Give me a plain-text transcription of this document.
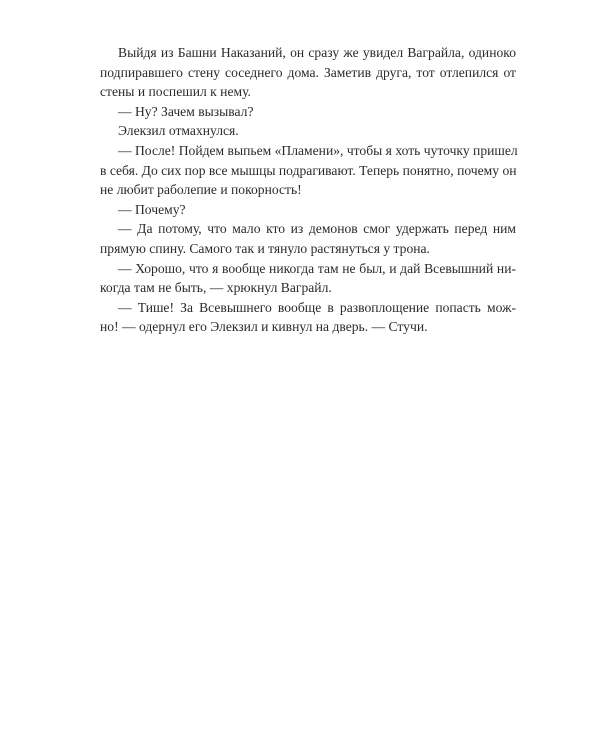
Выйдя из Башни Наказаний, он сразу же увидел Ваграйла, одиноко
подпиравшего стену соседнего дома. Заметив друга, тот отлепился от
стены и поспешил к нему.
— Ну? Зачем вызывал?
Элекзил отмахнулся.
— После! Пойдем выпьем «Пламени», чтобы я хоть чуточку пришел
в себя. До сих пор все мышцы подрагивают. Теперь понятно, почему он
не любит раболепие и покорность!
— Почему?
— Да потому, что мало кто из демонов смог удержать перед ним
прямую спину. Самого так и тянуло растянуться у трона.
— Хорошо, что я вообще никогда там не был, и дай Всевышний ни-
когда там не быть, — хрюкнул Ваграйл.
— Тише! За Всевышнего вообще в развоплощение попасть мож-
но! — одернул его Элекзил и кивнул на дверь. — Стучи.
